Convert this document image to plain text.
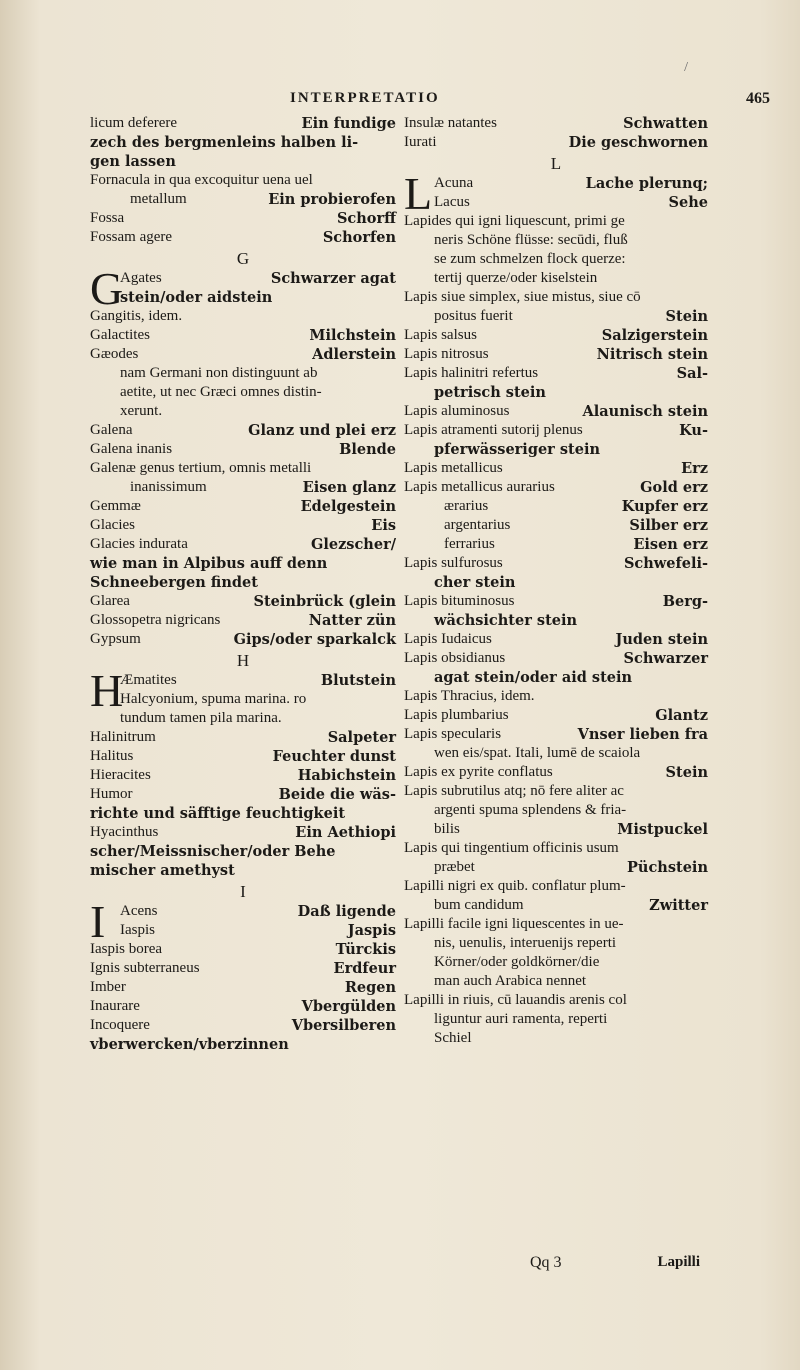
/
INTERPRETATIO	465
licum deferere	Ein fundige
zech des bergmenleins halben li-
gen lassen
Fornacula in qua excoquitur uena uel
metallum	Ein probierofen
Fossa	Schorff
Fossam agere	Schorfen
G
G
Agates	Schwarzer agat
stein/oder aidstein
Gangitis, idem.
Galactites	Milchstein
Gæodes	Adlerstein
nam Germani non distinguunt ab
aetite, ut nec Græci omnes distin-
xerunt.
Galena	Glanz und plei erz
Galena inanis	Blende
Galenæ genus tertium, omnis metalli
inanissimum	Eisen glanz
Gemmæ	Edelgestein
Glacies	Eis
Glacies indurata	Glezscher/
wie man in Alpibus auff denn
Schneebergen findet
Glarea	Steinbrück (glein
Glossopetra nigricans	Natter zün
Gypsum	Gips/oder sparkalck
H
H
Æmatites	Blutstein
Halcyonium, spuma marina. ro
tundum tamen pila marina.
Halinitrum	Salpeter
Halitus	Feuchter dunst
Hieracites	Habichstein
Humor	Beide die wäs-
richte und säfftige feuchtigkeit
Hyacinthus	Ein Aethiopi
scher/Meissnischer/oder Behe
mischer amethyst
I
I Acens	Daß ligende
Iaspis	Jaspis
Iaspis borea	Türckis
Ignis subterraneus	Erdfeur
Imber	Regen
Inaurare	Vbergülden
Incoquere	Vbersilberen
vberwercken/vberzinnen
Insulæ natantes	Schwatten
Iurati	Die geschwornen
L
L Acuna	Lache plerunq;
Lacus	Sehe
Lapides qui igni liquescunt, primi ge
neris Schöne flüsse: secūdi, fluß
se zum schmelzen flock querze:
tertij querze/oder kiselstein
Lapis siue simplex, siue mistus, siue cō
positus fuerit	Stein
Lapis salsus	Salzigerstein
Lapis nitrosus	Nitrisch stein
Lapis halinitri refertus	Sal-
petrisch stein
Lapis aluminosus	Alaunisch stein
Lapis atramenti sutorij plenus	Ku-
pferwässeriger stein
Lapis metallicus	Erz
Lapis metallicus aurarius	Gold erz
ærarius	Kupfer erz
argentarius	Silber erz
ferrarius	Eisen erz
Lapis sulfurosus	Schwefeli-
cher stein
Lapis bituminosus	Berg-
wächsichter stein
Lapis Iudaicus	Juden stein
Lapis obsidianus	Schwarzer
agat stein/oder aid stein
Lapis Thracius, idem.
Lapis plumbarius	Glantz
Lapis specularis	Vnser lieben fra
wen eis/spat. Itali, lumē de scaiola
Lapis ex pyrite conflatus	Stein
Lapis subrutilus atq; nō fere aliter ac
argenti spuma splendens & fria-
bilis	Mistpuckel
Lapis qui tingentium officinis usum
præbet	Püchstein
Lapilli nigri ex quib. conflatur plum-
bum candidum	Zwitter
Lapilli facile igni liquescentes in ue-
nis, uenulis, interuenijs reperti
Körner/oder goldkörner/die
man auch Arabica nennet
Lapilli in riuis, cū lauandis arenis col
liguntur auri ramenta, reperti
Schiel
Qq 3	Lapilli
